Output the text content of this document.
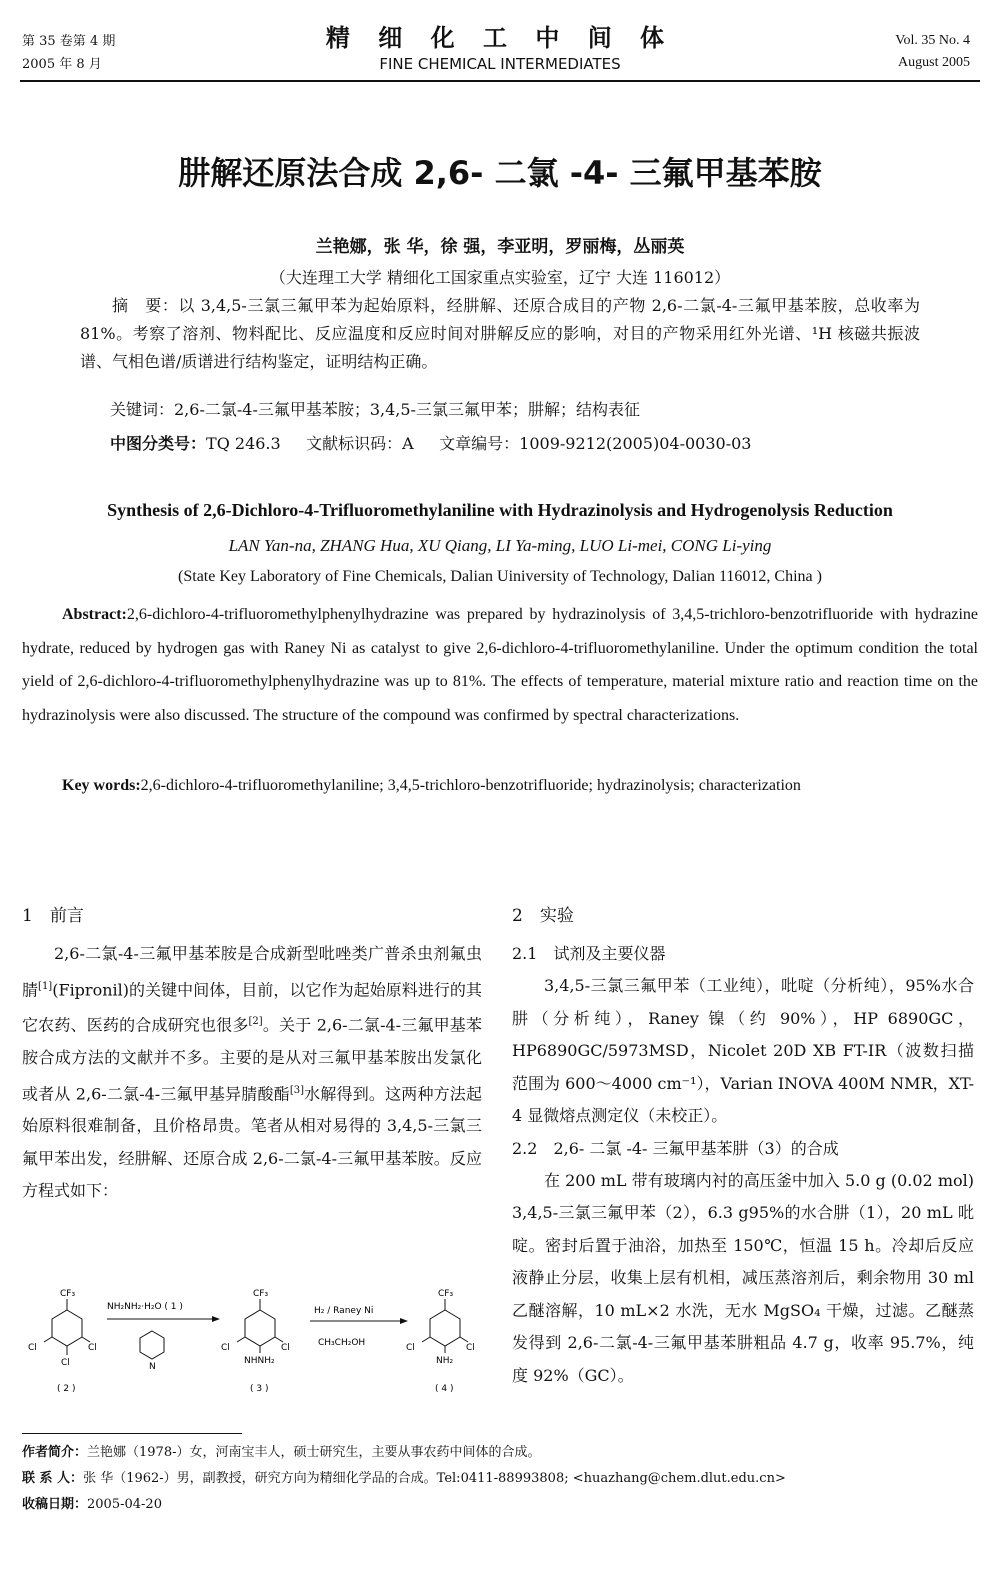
第 35 卷第 4 期
2005 年 8 月
精 细 化 工 中 间 体
FINE CHEMICAL INTERMEDIATES
Vol. 35 No. 4
August 2005
肼解还原法合成 2,6- 二氯 -4- 三氟甲基苯胺
兰艳娜，张 华，徐 强，李亚明，罗丽梅，丛丽英
（大连理工大学 精细化工国家重点实验室，辽宁 大连 116012）
摘　要：以 3,4,5-三氯三氟甲苯为起始原料，经肼解、还原合成目的产物 2,6-二氯-4-三氟甲基苯胺，总收率为 81%。考察了溶剂、物料配比、反应温度和反应时间对肼解反应的影响，对目的产物采用红外光谱、¹H 核磁共振波谱、气相色谱/质谱进行结构鉴定，证明结构正确。
关键词：2,6-二氯-4-三氟甲基苯胺；3,4,5-三氯三氟甲苯；肼解；结构表征
中图分类号：TQ 246.3 文献标识码：A 文章编号：1009-9212(2005)04-0030-03
Synthesis of 2,6-Dichloro-4-Trifluoromethylaniline with Hydrazinolysis and Hydrogenolysis Reduction
LAN Yan-na, ZHANG Hua, XU Qiang, LI Ya-ming, LUO Li-mei, CONG Li-ying
(State Key Laboratory of Fine Chemicals, Dalian Uiniversity of Technology, Dalian 116012, China )
Abstract:2,6-dichloro-4-trifluoromethylphenylhydrazine was prepared by hydrazinolysis of 3,4,5-trichloro-benzotrifluoride with hydrazine hydrate, reduced by hydrogen gas with Raney Ni as catalyst to give 2,6-dichloro-4-trifluoromethylaniline. Under the optimum condition the total yield of 2,6-dichloro-4-trifluoromethylphenylhydrazine was up to 81%. The effects of temperature, material mixture ratio and reaction time on the hydrazinolysis were also discussed. The structure of the compound was confirmed by spectral characterizations.
Key words:2,6-dichloro-4-trifluoromethylaniline; 3,4,5-trichloro-benzotrifluoride; hydrazinolysis; characterization
1　前言
2,6-二氯-4-三氟甲基苯胺是合成新型吡唑类广普杀虫剂氟虫腈[1](Fipronil)的关键中间体，目前，以它作为起始原料进行的其它农药、医药的合成研究也很多[2]。关于 2,6-二氯-4-三氟甲基苯胺合成方法的文献并不多。主要的是从对三氟甲基苯胺出发氯化或者从 2,6-二氯-4-三氟甲基异腈酸酯[3]水解得到。这两种方法起始原料很难制备，且价格昂贵。笔者从相对易得的 3,4,5-三氯三氟甲苯出发，经肼解、还原合成 2,6-二氯-4-三氟甲基苯胺。反应方程式如下：
CF₃
Cl
Cl
Cl
( 2 )
NH₂NH₂·H₂O ( 1 )
N
CF₃
Cl
Cl
NHNH₂
( 3 )
H₂ / Raney Ni
CH₃CH₂OH
CF₃
Cl
Cl
NH₂
( 4 )
2　实验
2.1　试剂及主要仪器
3,4,5-三氯三氟甲苯（工业纯），吡啶（分析纯），95%水合肼（分析纯），Raney 镍（约 90%），HP 6890GC，HP6890GC/5973MSD，Nicolet 20D XB FT-IR（波数扫描范围为 600～4000 cm⁻¹），Varian INOVA 400M NMR，XT-4 显微熔点测定仪（未校正）。
2.2　2,6- 二氯 -4- 三氟甲基苯肼（3）的合成
在 200 mL 带有玻璃内衬的高压釜中加入 5.0 g (0.02 mol) 3,4,5-三氯三氟甲苯（2），6.3 g95%的水合肼（1），20 mL 吡啶。密封后置于油浴，加热至 150℃，恒温 15 h。冷却后反应液静止分层，收集上层有机相，减压蒸溶剂后，剩余物用 30 ml 乙醚溶解，10 mL×2 水洗，无水 MgSO₄ 干燥，过滤。乙醚蒸发得到 2,6-二氯-4-三氟甲基苯肼粗品 4.7 g，收率 95.7%，纯度 92%（GC）。
作者简介：兰艳娜（1978-）女，河南宝丰人，硕士研究生，主要从事农药中间体的合成。
联 系 人：张 华（1962-）男，副教授，研究方向为精细化学品的合成。Tel:0411-88993808; <huazhang@chem.dlut.edu.cn>
收稿日期：2005-04-20
